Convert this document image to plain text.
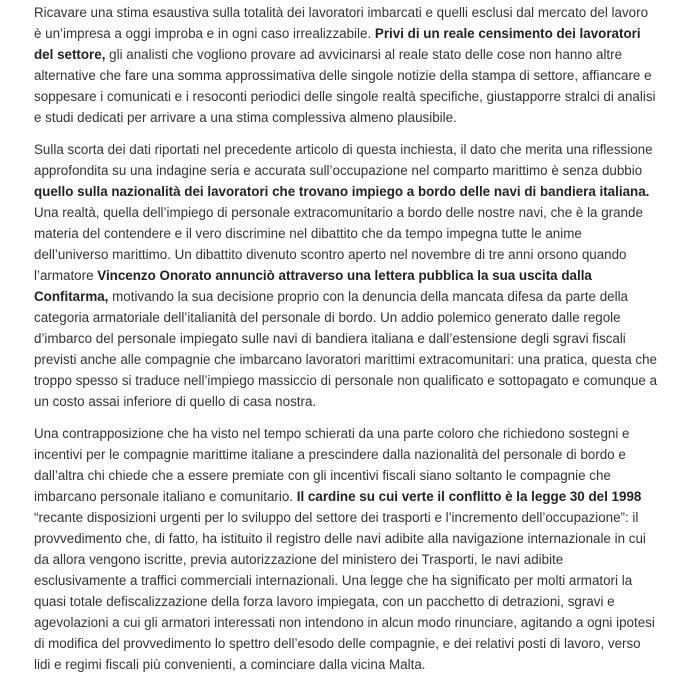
Ricavare una stima esaustiva sulla totalità dei lavoratori imbarcati e quelli esclusi dal mercato del lavoro è un’impresa a oggi improba e in ogni caso irrealizzabile. Privi di un reale censimento dei lavoratori del settore, gli analisti che vogliono provare ad avvicinarsi al reale stato delle cose non hanno altre alternative che fare una somma approssimativa delle singole notizie della stampa di settore, affiancare e soppesare i comunicati e i resoconti periodici delle singole realtà specifiche, giustapporre stralci di analisi e studi dedicati per arrivare a una stima complessiva almeno plausibile.

Sulla scorta dei dati riportati nel precedente articolo di questa inchiesta, il dato che merita una riflessione approfondita su una indagine seria e accurata sull’occupazione nel comparto marittimo è senza dubbio quello sulla nazionalità dei lavoratori che trovano impiego a bordo delle navi di bandiera italiana. Una realtà, quella dell’impiego di personale extracomunitario a bordo delle nostre navi, che è la grande materia del contendere e il vero discrimine nel dibattito che da tempo impegna tutte le anime dell’universo marittimo. Un dibattito divenuto scontro aperto nel novembre di tre anni orsono quando l’armatore Vincenzo Onorato annunciò attraverso una lettera pubblica la sua uscita dalla Confitarma, motivando la sua decisione proprio con la denuncia della mancata difesa da parte della categoria armatoriale dell’italianità del personale di bordo. Un addio polemico generato dalle regole d’imbarco del personale impiegato sulle navi di bandiera italiana e dall’estensione degli sgravi fiscali previsti anche alle compagnie che imbarcano lavoratori marittimi extracomunitari: una pratica, questa che troppo spesso si traduce nell’impiego massiccio di personale non qualificato e sottopagato e comunque a un costo assai inferiore di quello di casa nostra.

Una contrapposizione che ha visto nel tempo schierati da una parte coloro che richiedono sostegni e incentivi per le compagnie marittime italiane a prescindere dalla nazionalità del personale di bordo e dall’altra chi chiede che a essere premiate con gli incentivi fiscali siano soltanto le compagnie che imbarcano personale italiano e comunitario. Il cardine su cui verte il conflitto è la legge 30 del 1998 “recante disposizioni urgenti per lo sviluppo del settore dei trasporti e l’incremento dell’occupazione”: il provvedimento che, di fatto, ha istituito il registro delle navi adibite alla navigazione internazionale in cui da allora vengono iscritte, previa autorizzazione del ministero dei Trasporti, le navi adibite esclusivamente a traffici commerciali internazionali. Una legge che ha significato per molti armatori la quasi totale defiscalizzazione della forza lavoro impiegata, con un pacchetto di detrazioni, sgravi e agevolazioni a cui gli armatori interessati non intendono in alcun modo rinunciare, agitando a ogni ipotesi di modifica del provvedimento lo spettro dell’esodo delle compagnie, e dei relativi posti di lavoro, verso lidi e regimi fiscali più convenienti, a cominciare dalla vicina Malta.
